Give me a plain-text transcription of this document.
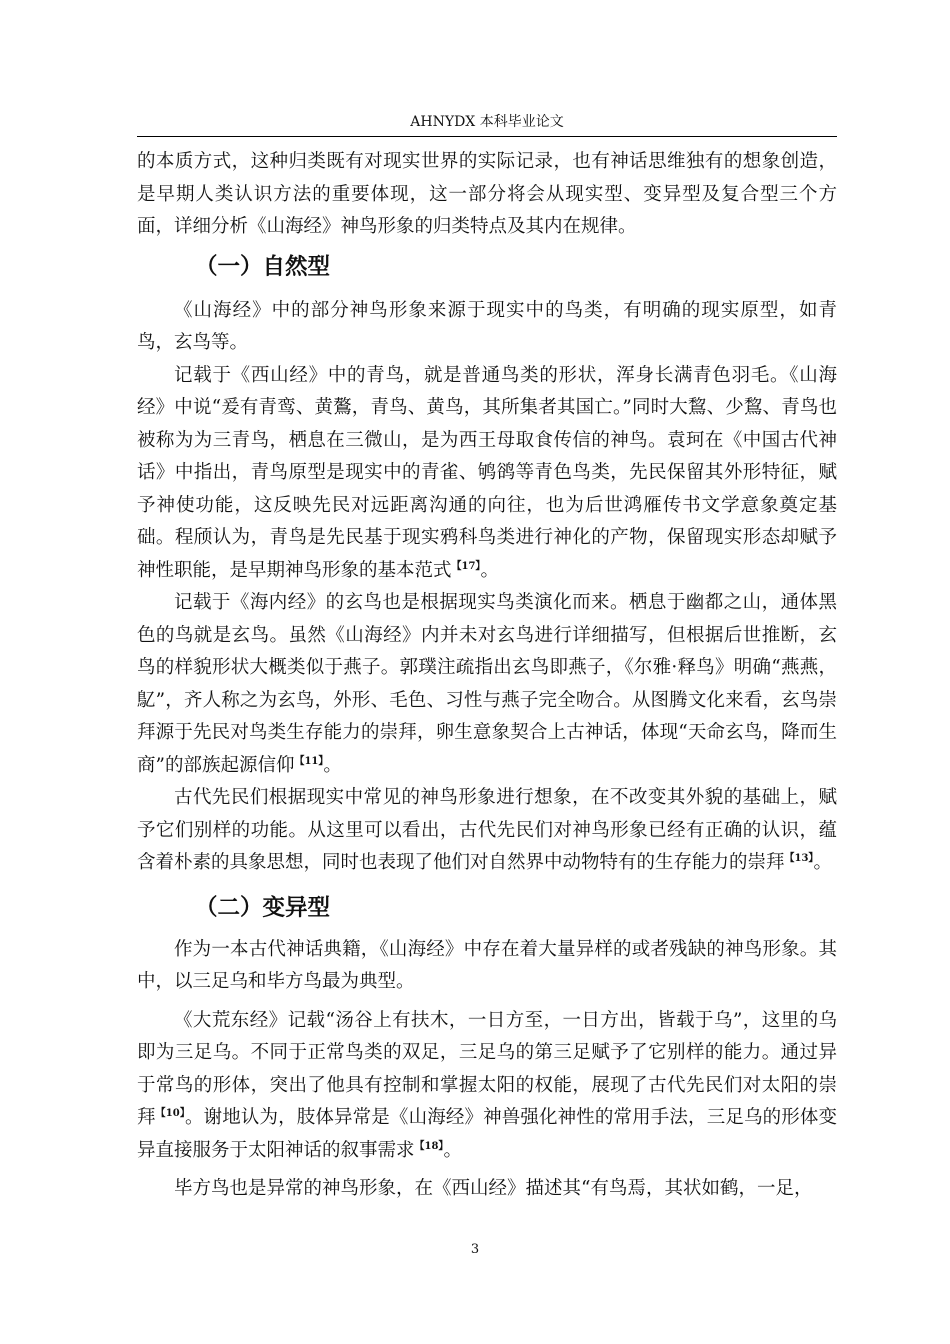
AHNYDX 本科毕业论文

的本质方式，这种归类既有对现实世界的实际记录，也有神话思维独有的想象创造，是早期人类认识方法的重要体现，这一部分将会从现实型、变异型及复合型三个方面，详细分析《山海经》神鸟形象的归类特点及其内在规律。

（一）自然型

《山海经》中的部分神鸟形象来源于现实中的鸟类，有明确的现实原型，如青鸟，玄鸟等。

记载于《西山经》中的青鸟，就是普通鸟类的形状，浑身长满青色羽毛。《山海经》中说“爰有青鸾、黄鷔，青鸟、黄鸟，其所集者其国亡。”同时大鵹、少鵹、青鸟也被称为为三青鸟，栖息在三微山，是为西王母取食传信的神鸟。袁珂在《中国古代神话》中指出，青鸟原型是现实中的青雀、鸲鹆等青色鸟类，先民保留其外形特征，赋予神使功能，这反映先民对远距离沟通的向往，也为后世鸿雁传书文学意象奠定基础。程颀认为，青鸟是先民基于现实鸦科鸟类进行神化的产物，保留现实形态却赋予神性职能，是早期神鸟形象的基本范式$^{【17】}$。

记载于《海内经》的玄鸟也是根据现实鸟类演化而来。栖息于幽都之山，通体黑色的鸟就是玄鸟。虽然《山海经》内并未对玄鸟进行详细描写，但根据后世推断，玄鸟的样貌形状大概类似于燕子。郭璞注疏指出玄鸟即燕子，《尔雅·释鸟》明确“燕燕，鳦”，齐人称之为玄鸟，外形、毛色、习性与燕子完全吻合。从图腾文化来看，玄鸟崇拜源于先民对鸟类生存能力的崇拜，卵生意象契合上古神话，体现“天命玄鸟，降而生商”的部族起源信仰$^{【11】}$。

古代先民们根据现实中常见的神鸟形象进行想象，在不改变其外貌的基础上，赋予它们别样的功能。从这里可以看出，古代先民们对神鸟形象已经有正确的认识，蕴含着朴素的具象思想，同时也表现了他们对自然界中动物特有的生存能力的崇拜$^{【13】}$。

（二）变异型

作为一本古代神话典籍，《山海经》中存在着大量异样的或者残缺的神鸟形象。其中，以三足乌和毕方鸟最为典型。

《大荒东经》记载“汤谷上有扶木，一日方至，一日方出，皆载于乌”，这里的乌即为三足乌。不同于正常鸟类的双足，三足乌的第三足赋予了它别样的能力。通过异于常鸟的形体，突出了他具有控制和掌握太阳的权能，展现了古代先民们对太阳的崇拜$^{【10】}$。谢地认为，肢体异常是《山海经》神兽强化神性的常用手法，三足乌的形体变异直接服务于太阳神话的叙事需求$^{【18】}$。

毕方鸟也是异常的神鸟形象，在《西山经》描述其“有鸟焉，其状如鹤，一足，

3
